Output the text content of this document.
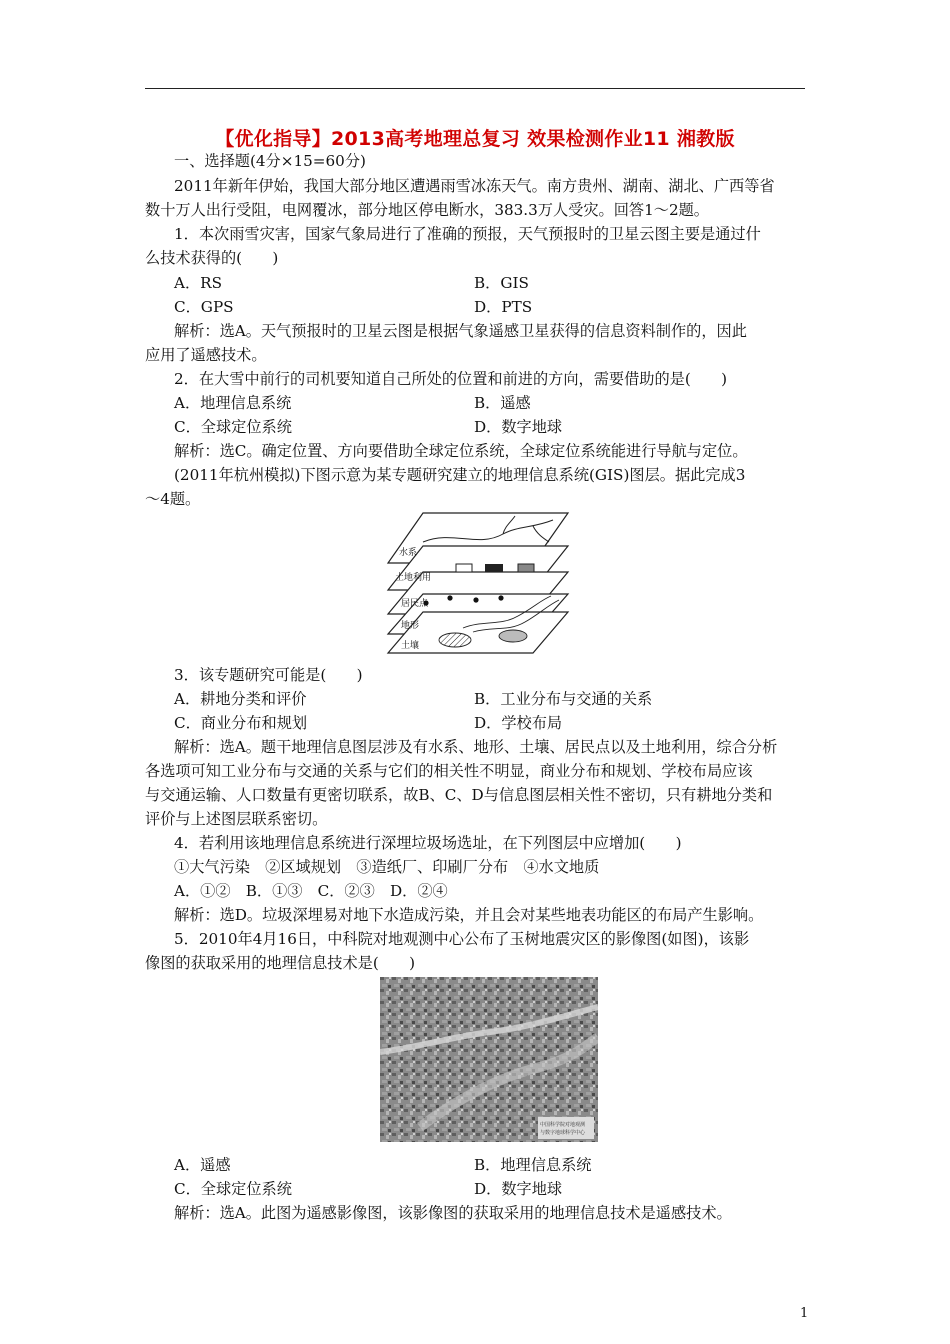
【优化指导】2013高考地理总复习 效果检测作业11 湘教版
一、选择题(4分×15=60分)
2011年新年伊始，我国大部分地区遭遇雨雪冰冻天气。南方贵州、湖南、湖北、广西等省
数十万人出行受阻，电网覆冰，部分地区停电断水，383.3万人受灾。回答1～2题。
1．本次雨雪灾害，国家气象局进行了准确的预报，天气预报时的卫星云图主要是通过什
么技术获得的(　　)
A．RS	B．GIS
C．GPS	D．PTS
解析：选A。天气预报时的卫星云图是根据气象遥感卫星获得的信息资料制作的，因此
应用了遥感技术。
2．在大雪中前行的司机要知道自己所处的位置和前进的方向，需要借助的是(　　)
A．地理信息系统	B．遥感
C．全球定位系统	D．数字地球
解析：选C。确定位置、方向要借助全球定位系统，全球定位系统能进行导航与定位。
(2011年杭州模拟)下图示意为某专题研究建立的地理信息系统(GIS)图层。据此完成3
～4题。
水系
土地利用
居民点
地形
土壤
3．该专题研究可能是(　　)
A．耕地分类和评价	B．工业分布与交通的关系
C．商业分布和规划	D．学校布局
解析：选A。题干地理信息图层涉及有水系、地形、土壤、居民点以及土地利用，综合分析
各选项可知工业分布与交通的关系与它们的相关性不明显，商业分布和规划、学校布局应该
与交通运输、人口数量有更密切联系，故B、C、D与信息图层相关性不密切，只有耕地分类和
评价与上述图层联系密切。
4．若利用该地理信息系统进行深埋垃圾场选址，在下列图层中应增加(　　)
①大气污染　②区域规划　③造纸厂、印刷厂分布　④水文地质
A．①②　B．①③　C．②③　D．②④
解析：选D。垃圾深埋易对地下水造成污染，并且会对某些地表功能区的布局产生影响。
5．2010年4月16日，中科院对地观测中心公布了玉树地震灾区的影像图(如图)，该影
像图的获取采用的地理信息技术是(　　)
中国科学院对地观测
与数字地球科学中心
A．遥感	B．地理信息系统
C．全球定位系统	D．数字地球
解析：选A。此图为遥感影像图，该影像图的获取采用的地理信息技术是遥感技术。
1
